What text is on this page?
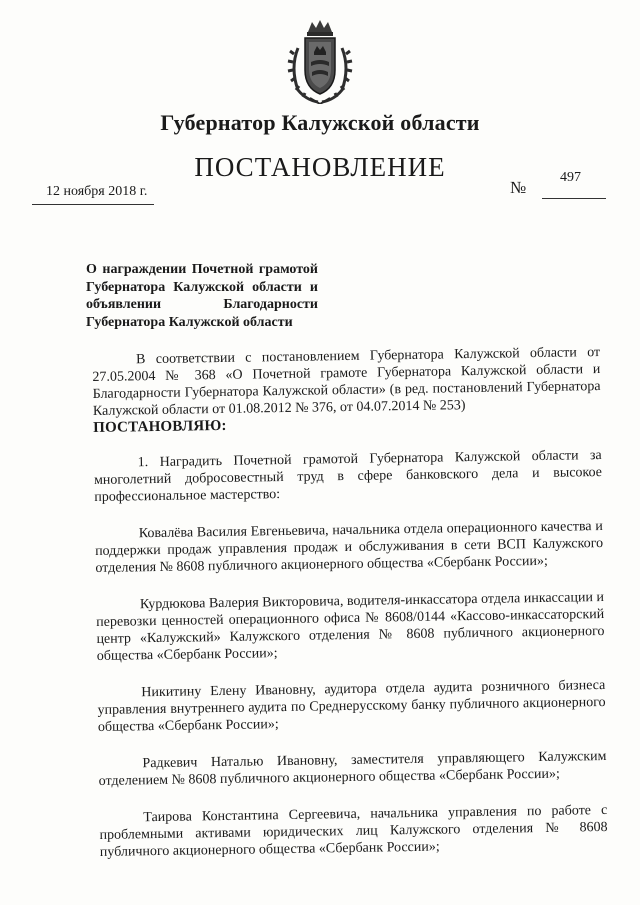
Губернатор Калужской области
ПОСТАНОВЛЕНИЕ
12 ноября 2018 г.	№
497
О награждении Почетной грамотой Губернатора Калужской области и объявлении Благодарности Губернатора Калужской области

В соответствии с постановлением Губернатора Калужской области от 27.05.2004 № 368 «О Почетной грамоте Губернатора Калужской области и Благодарности Губернатора Калужской области» (в ред. постановлений Губернатора Калужской области от 01.08.2012 № 376, от 04.07.2014 № 253)

ПОСТАНОВЛЯЮ:

1. Наградить Почетной грамотой Губернатора Калужской области за многолетний добросовестный труд в сфере банковского дела и высокое профессиональное мастерство:

Ковалёва Василия Евгеньевича, начальника отдела операционного качества и поддержки продаж управления продаж и обслуживания в сети ВСП Калужского отделения № 8608 публичного акционерного общества «Сбербанк России»;

Курдюкова Валерия Викторовича, водителя-инкассатора отдела инкассации и перевозки ценностей операционного офиса № 8608/0144 «Кассово-инкассаторский центр «Калужский» Калужского отделения № 8608 публичного акционерного общества «Сбербанк России»;

Никитину Елену Ивановну, аудитора отдела аудита розничного бизнеса управления внутреннего аудита по Среднерусскому банку публичного акционерного общества «Сбербанк России»;

Радкевич Наталью Ивановну, заместителя управляющего Калужским отделением № 8608 публичного акционерного общества «Сбербанк России»;

Таирова Константина Сергеевича, начальника управления по работе с проблемными активами юридических лиц Калужского отделения № 8608 публичного акционерного общества «Сбербанк России»;
